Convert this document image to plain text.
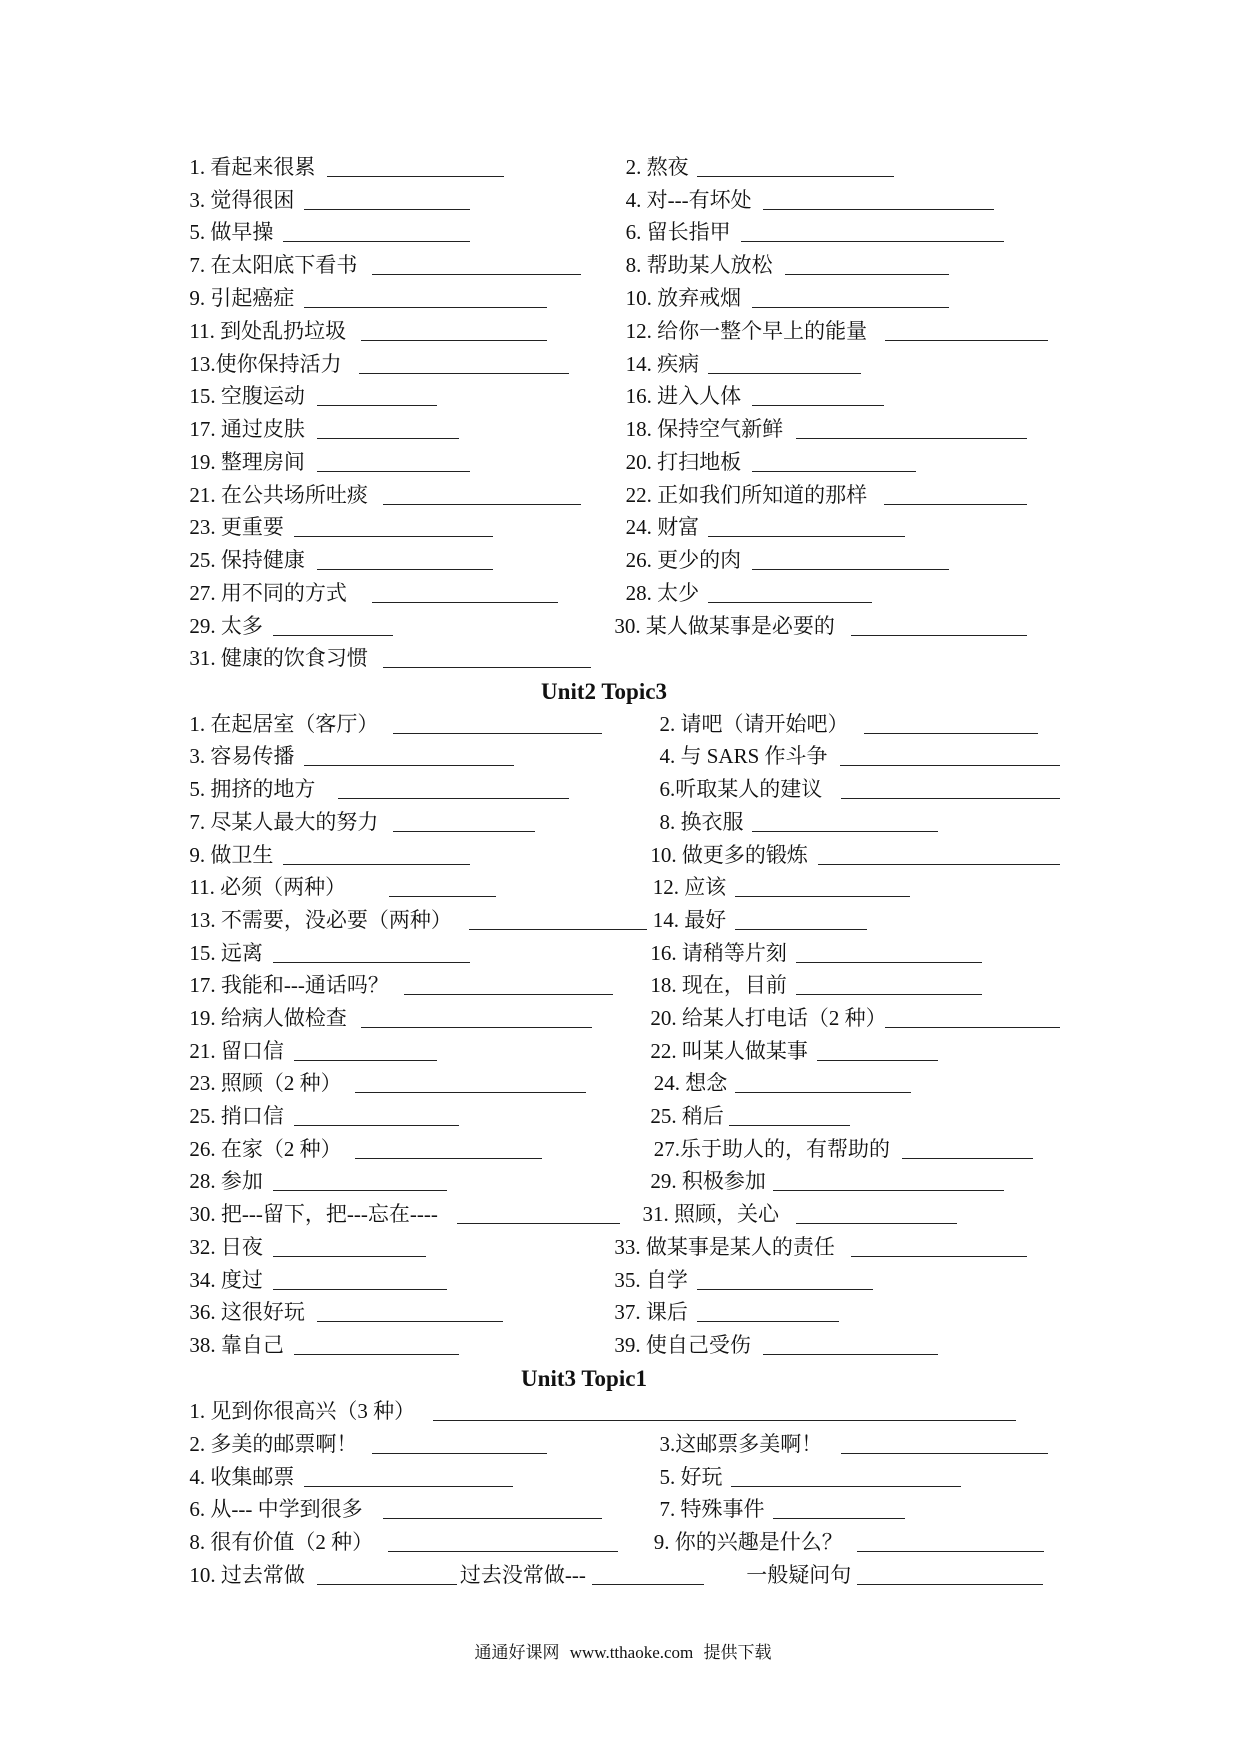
1. 看起来很累	2. 熬夜
3. 觉得很困	4. 对---有坏处
5. 做早操	6. 留长指甲
7. 在太阳底下看书	8. 帮助某人放松
9. 引起癌症	10. 放弃戒烟
11. 到处乱扔垃圾	12. 给你一整个早上的能量
13.使你保持活力	14. 疾病
15. 空腹运动	16. 进入人体
17. 通过皮肤	18. 保持空气新鲜
19. 整理房间	20. 打扫地板
21. 在公共场所吐痰	22. 正如我们所知道的那样
23. 更重要	24. 财富
25. 保持健康	26. 更少的肉
27. 用不同的方式	28. 太少
29. 太多	30. 某人做某事是必要的
31. 健康的饮食习惯
Unit2 Topic3
1. 在起居室（客厅）	2. 请吧（请开始吧）
3. 容易传播	4. 与 SARS 作斗争
5. 拥挤的地方	6.听取某人的建议
7. 尽某人最大的努力	8. 换衣服
9. 做卫生	10. 做更多的锻炼
11. 必须（两种）	12. 应该
13. 不需要，没必要（两种）	14. 最好
15. 远离	16. 请稍等片刻
17. 我能和---通话吗？	18. 现在，目前
19. 给病人做检查	20. 给某人打电话（2 种）
21. 留口信	22. 叫某人做某事
23. 照顾（2 种）	24. 想念
25. 捎口信	25. 稍后
26. 在家（2 种）	27.乐于助人的，有帮助的
28. 参加	29. 积极参加
30. 把---留下，把---忘在----	31. 照顾，关心
32. 日夜	33. 做某事是某人的责任
34. 度过	35. 自学
36. 这很好玩	37. 课后
38. 靠自己	39. 使自己受伤
Unit3 Topic1
1. 见到你很高兴（3 种）
2. 多美的邮票啊！	3.这邮票多美啊！
4. 收集邮票	5. 好玩
6. 从--- 中学到很多	7. 特殊事件
8. 很有价值（2 种）	9. 你的兴趣是什么？
10. 过去常做	过去没常做---	一般疑问句
通通好课网 www.tthaoke.com 提供下载
